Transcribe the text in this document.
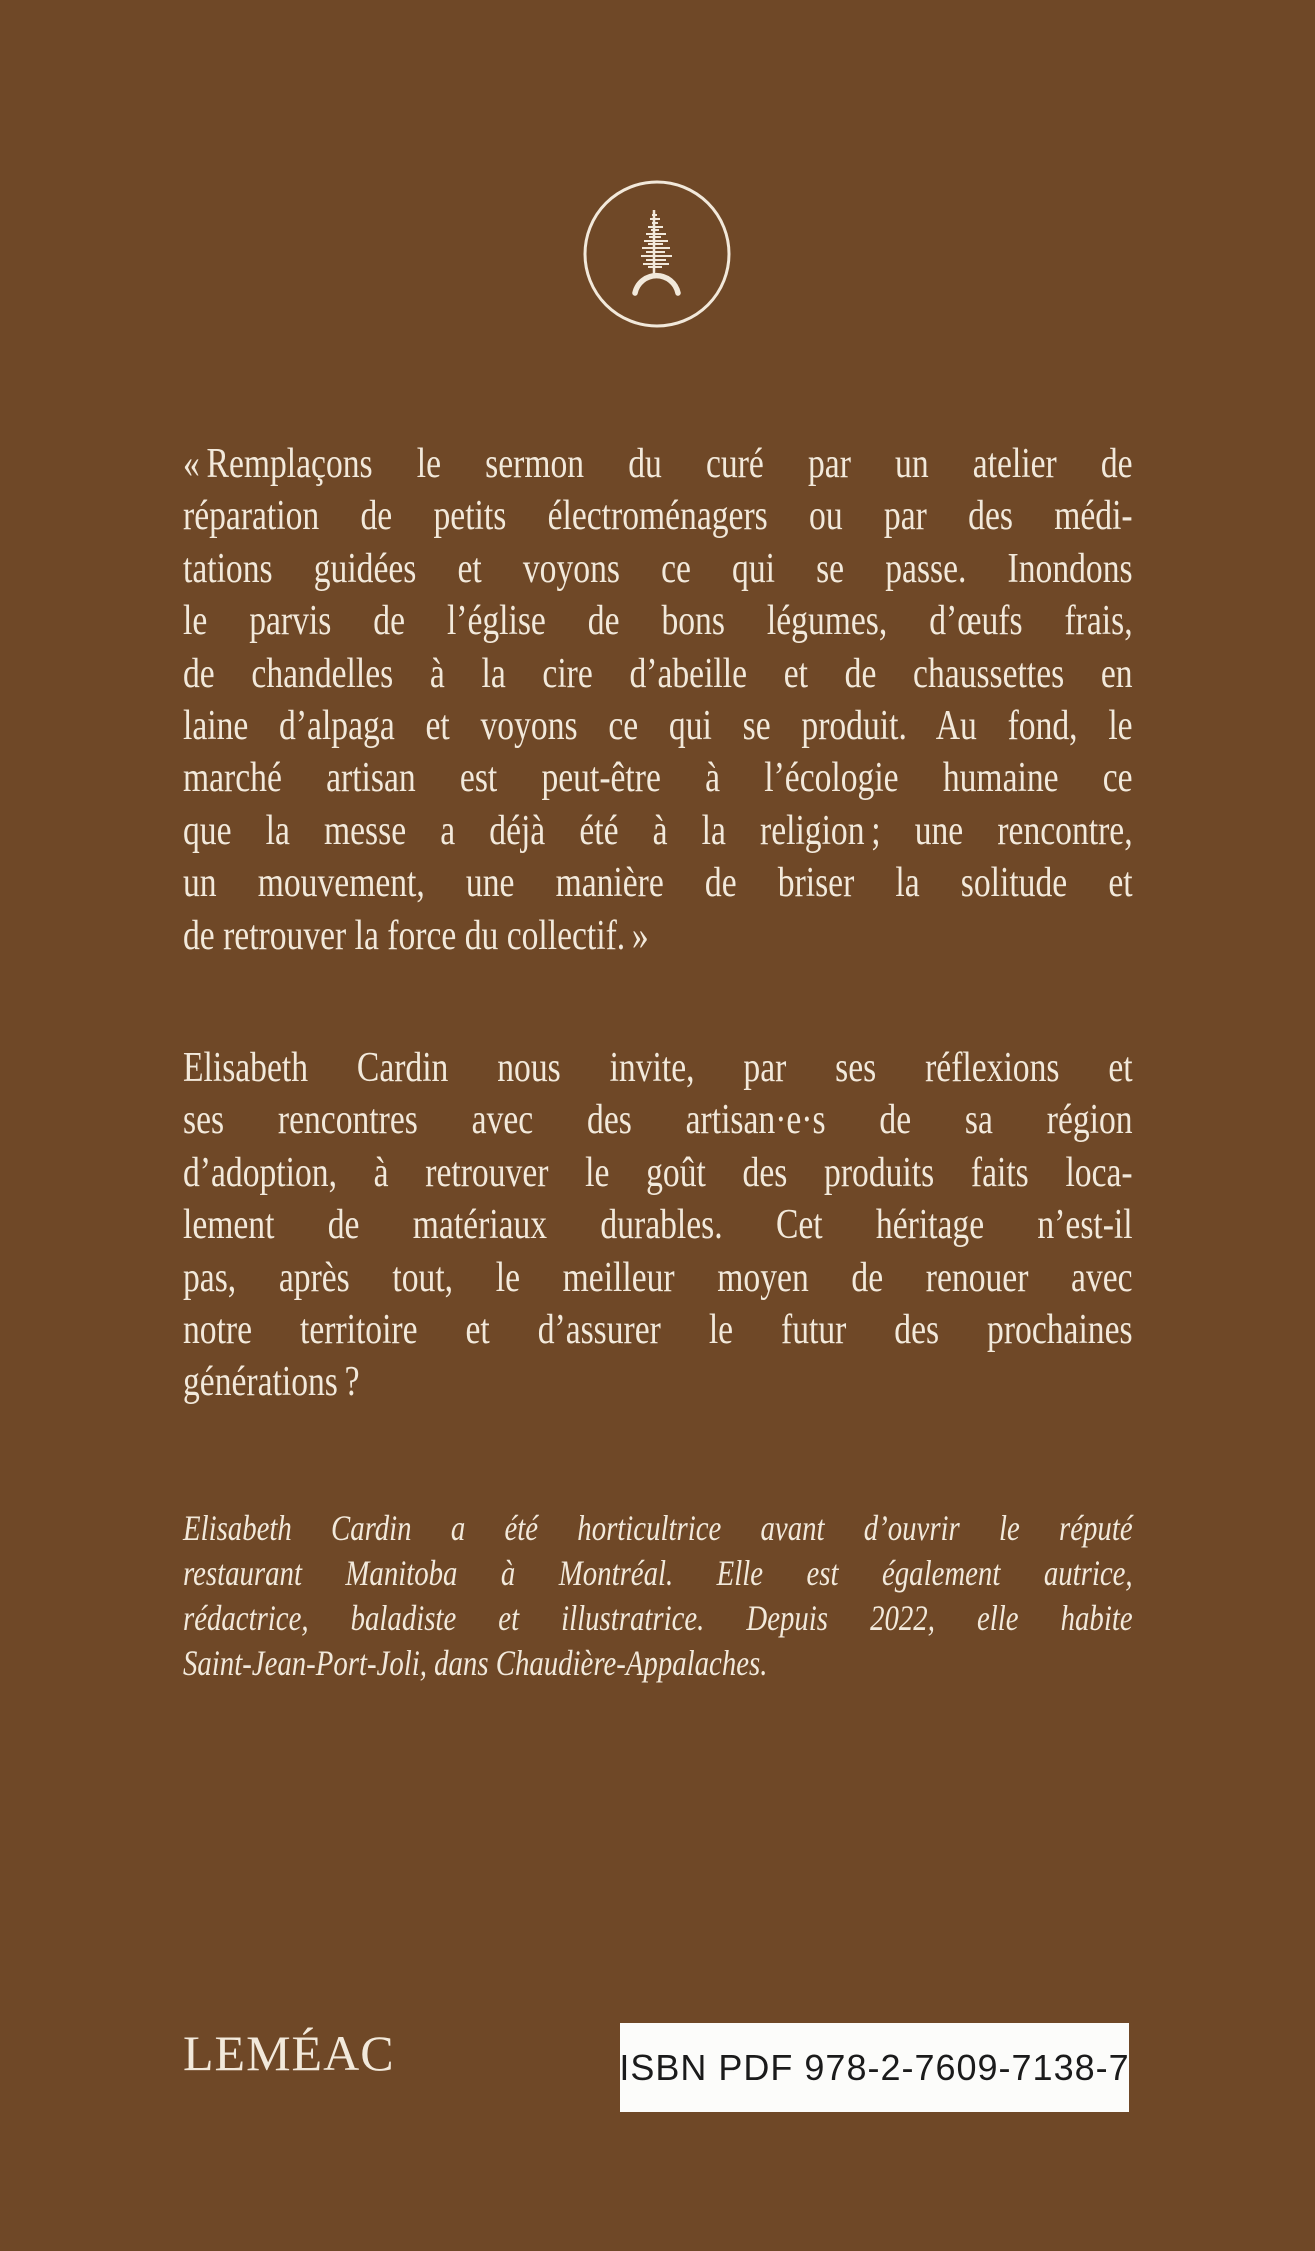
« Remplaçons le sermon du curé par un atelier de
réparation de petits électroménagers ou par des médi-
tations guidées et voyons ce qui se passe. Inondons
le parvis de l’église de bons légumes, d’œufs frais,
de chandelles à la cire d’abeille et de chaussettes en
laine d’alpaga et voyons ce qui se produit. Au fond, le
marché artisan est peut-être à l’écologie humaine ce
que la messe a déjà été à la religion ; une rencontre,
un mouvement, une manière de briser la solitude et
de retrouver la force du collectif. »
Elisabeth Cardin nous invite, par ses réflexions et
ses rencontres avec des artisan·e·s de sa région
d’adoption, à retrouver le goût des produits faits loca-
lement de matériaux durables. Cet héritage n’est-il
pas, après tout, le meilleur moyen de renouer avec
notre territoire et d’assurer le futur des prochaines
générations ?
Elisabeth Cardin a été horticultrice avant d’ouvrir le réputé
restaurant Manitoba à Montréal. Elle est également autrice,
rédactrice, baladiste et illustratrice. Depuis 2022, elle habite
Saint-Jean-Port-Joli, dans Chaudière-Appalaches.
LEMÉAC	ISBN PDF 978-2-7609-7138-7
